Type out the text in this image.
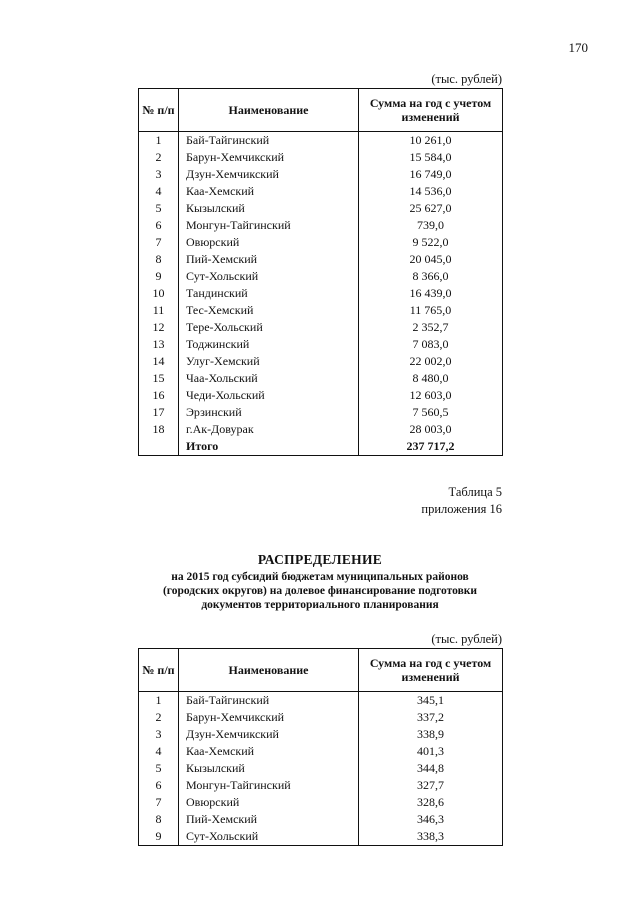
170
(тыс. рублей)
№ п/п	Наименование	Сумма на год с учетом изменений
1	Бай-Тайгинский	10 261,0
2	Барун-Хемчикский	15 584,0
3	Дзун-Хемчикский	16 749,0
4	Каа-Хемский	14 536,0
5	Кызылский	25 627,0
6	Монгун-Тайгинский	739,0
7	Овюрский	9 522,0
8	Пий-Хемский	20 045,0
9	Сут-Хольский	8 366,0
10	Тандинский	16 439,0
11	Тес-Хемский	11 765,0
12	Тере-Хольский	2 352,7
13	Тоджинский	7 083,0
14	Улуг-Хемский	22 002,0
15	Чаа-Хольский	8 480,0
16	Чеди-Хольский	12 603,0
17	Эрзинский	7 560,5
18	г.Ак-Довурак	28 003,0
	Итого	237 717,2
Таблица 5
приложения 16
РАСПРЕДЕЛЕНИЕ
на 2015 год субсидий бюджетам муниципальных районов
(городских округов) на долевое финансирование подготовки
документов территориального планирования
(тыс. рублей)
№ п/п	Наименование	Сумма на год с учетом изменений
1	Бай-Тайгинский	345,1
2	Барун-Хемчикский	337,2
3	Дзун-Хемчикский	338,9
4	Каа-Хемский	401,3
5	Кызылский	344,8
6	Монгун-Тайгинский	327,7
7	Овюрский	328,6
8	Пий-Хемский	346,3
9	Сут-Хольский	338,3
